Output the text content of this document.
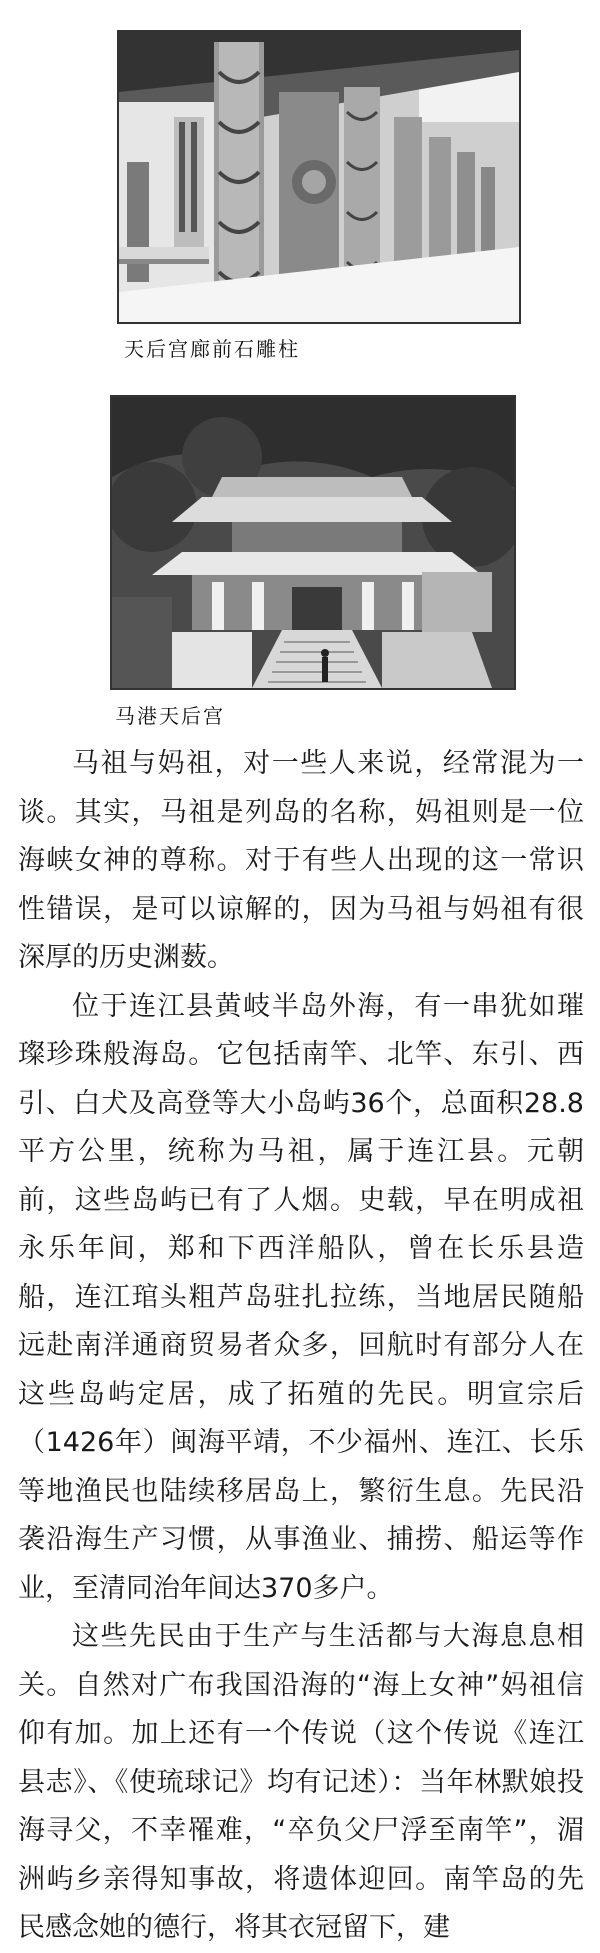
天后宫廊前石雕柱
马港天后宫

马祖与妈祖，对一些人来说，经常混为一谈。其实，马祖是列岛的名称，妈祖则是一位海峡女神的尊称。对于有些人出现的这一常识性错误，是可以谅解的，因为马祖与妈祖有很深厚的历史渊薮。

位于连江县黄岐半岛外海，有一串犹如璀璨珍珠般海岛。它包括南竿、北竿、东引、西引、白犬及高登等大小岛屿36个，总面积28.8平方公里，统称为马祖，属于连江县。元朝前，这些岛屿已有了人烟。史载，早在明成祖永乐年间，郑和下西洋船队，曾在长乐县造船，连江琯头粗芦岛驻扎拉练，当地居民随船远赴南洋通商贸易者众多，回航时有部分人在这些岛屿定居，成了拓殖的先民。明宣宗后（1426年）闽海平靖，不少福州、连江、长乐等地渔民也陆续移居岛上，繁衍生息。先民沿袭沿海生产习惯，从事渔业、捕捞、船运等作业，至清同治年间达370多户。

这些先民由于生产与生活都与大海息息相关。自然对广布我国沿海的“海上女神”妈祖信仰有加。加上还有一个传说（这个传说《连江县志》、《使琉球记》均有记述）：当年林默娘投海寻父，不幸罹难，“卒负父尸浮至南竿”，湄洲屿乡亲得知事故，将遗体迎回。南竿岛的先民感念她的德行，将其衣冠留下，建
